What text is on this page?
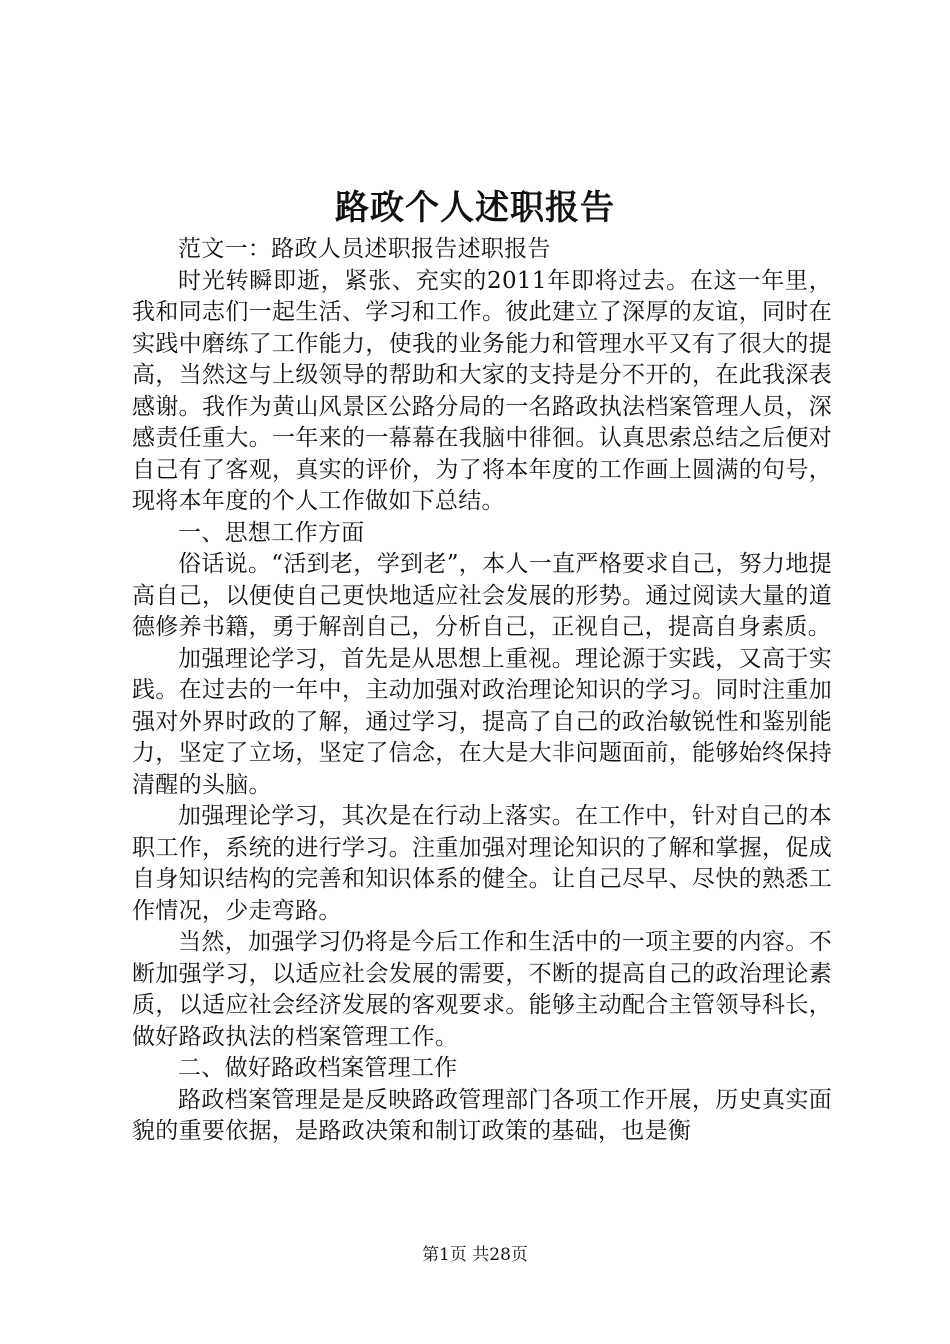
路政个人述职报告

范文一：路政人员述职报告述职报告

时光转瞬即逝，紧张、充实的2011年即将过去。在这一年里，我和同志们一起生活、学习和工作。彼此建立了深厚的友谊，同时在实践中磨练了工作能力，使我的业务能力和管理水平又有了很大的提高，当然这与上级领导的帮助和大家的支持是分不开的，在此我深表感谢。我作为黄山风景区公路分局的一名路政执法档案管理人员，深感责任重大。一年来的一幕幕在我脑中徘徊。认真思索总结之后便对自己有了客观，真实的评价，为了将本年度的工作画上圆满的句号，现将本年度的个人工作做如下总结。

一、思想工作方面

俗话说。“活到老，学到老”，本人一直严格要求自己，努力地提高自己，以便使自己更快地适应社会发展的形势。通过阅读大量的道德修养书籍，勇于解剖自己，分析自己，正视自己，提高自身素质。

加强理论学习，首先是从思想上重视。理论源于实践，又高于实践。在过去的一年中，主动加强对政治理论知识的学习。同时注重加强对外界时政的了解，通过学习，提高了自己的政治敏锐性和鉴别能力，坚定了立场，坚定了信念，在大是大非问题面前，能够始终保持清醒的头脑。

加强理论学习，其次是在行动上落实。在工作中，针对自己的本职工作，系统的进行学习。注重加强对理论知识的了解和掌握，促成自身知识结构的完善和知识体系的健全。让自己尽早、尽快的熟悉工作情况，少走弯路。

当然，加强学习仍将是今后工作和生活中的一项主要的内容。不断加强学习，以适应社会发展的需要，不断的提高自己的政治理论素质，以适应社会经济发展的客观要求。能够主动配合主管领导科长，做好路政执法的档案管理工作。

二、做好路政档案管理工作

路政档案管理是是反映路政管理部门各项工作开展，历史真实面貌的重要依据，是路政决策和制订政策的基础，也是衡

第1页 共28页
